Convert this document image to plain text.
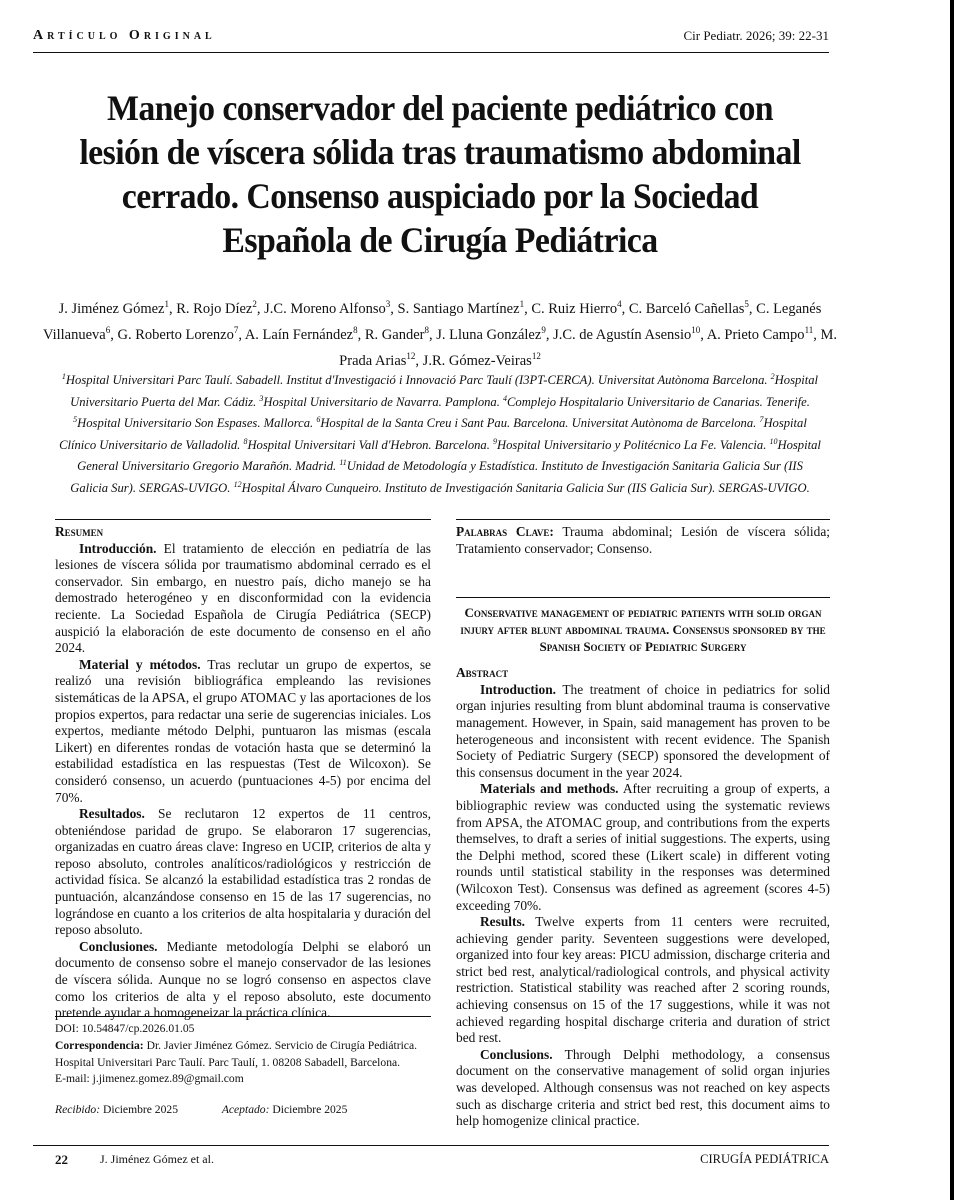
Artículo Original	Cir Pediatr. 2026; 39: 22-31
Manejo conservador del paciente pediátrico con lesión de víscera sólida tras traumatismo abdominal cerrado. Consenso auspiciado por la Sociedad Española de Cirugía Pediátrica
J. Jiménez Gómez$^1$, R. Rojo Díez$^2$, J.C. Moreno Alfonso$^3$, S. Santiago Martínez$^1$, C. Ruiz Hierro$^4$, C. Barceló Cañellas$^5$, C. Leganés Villanueva$^6$, G. Roberto Lorenzo$^7$, A. Laín Fernández$^8$, R. Gander$^8$, J. Lluna González$^9$, J.C. de Agustín Asensio$^{10}$, A. Prieto Campo$^{11}$, M. Prada Arias$^{12}$, J.R. Gómez-Veiras$^{12}$
$^1$Hospital Universitari Parc Taulí. Sabadell. Institut d'Investigació i Innovació Parc Taulí (I3PT-CERCA). Universitat Autònoma Barcelona. $^2$Hospital Universitario Puerta del Mar. Cádiz. $^3$Hospital Universitario de Navarra. Pamplona. $^4$Complejo Hospitalario Universitario de Canarias. Tenerife. $^5$Hospital Universitario Son Espases. Mallorca. $^6$Hospital de la Santa Creu i Sant Pau. Barcelona. Universitat Autònoma de Barcelona. $^7$Hospital Clínico Universitario de Valladolid. $^8$Hospital Universitari Vall d'Hebron. Barcelona. $^9$Hospital Universitario y Politécnico La Fe. Valencia. $^{10}$Hospital General Universitario Gregorio Marañón. Madrid. $^{11}$Unidad de Metodología y Estadística. Instituto de Investigación Sanitaria Galicia Sur (IIS Galicia Sur). SERGAS-UVIGO. $^{12}$Hospital Álvaro Cunqueiro. Instituto de Investigación Sanitaria Galicia Sur (IIS Galicia Sur). SERGAS-UVIGO.
Resumen

Introducción. El tratamiento de elección en pediatría de las lesiones de víscera sólida por traumatismo abdominal cerrado es el conservador. Sin embargo, en nuestro país, dicho manejo se ha demostrado heterogéneo y en disconformidad con la evidencia reciente. La Sociedad Española de Cirugía Pediátrica (SECP) auspició la elaboración de este documento de consenso en el año 2024.

Material y métodos. Tras reclutar un grupo de expertos, se realizó una revisión bibliográfica empleando las revisiones sistemáticas de la APSA, el grupo ATOMAC y las aportaciones de los propios expertos, para redactar una serie de sugerencias iniciales. Los expertos, mediante método Delphi, puntuaron las mismas (escala Likert) en diferentes rondas de votación hasta que se determinó la estabilidad estadística en las respuestas (Test de Wilcoxon). Se consideró consenso, un acuerdo (puntuaciones 4-5) por encima del 70%.

Resultados. Se reclutaron 12 expertos de 11 centros, obteniéndose paridad de grupo. Se elaboraron 17 sugerencias, organizadas en cuatro áreas clave: Ingreso en UCIP, criterios de alta y reposo absoluto, controles analíticos/radiológicos y restricción de actividad física. Se alcanzó la estabilidad estadística tras 2 rondas de puntuación, alcanzándose consenso en 15 de las 17 sugerencias, no lográndose en cuanto a los criterios de alta hospitalaria y duración del reposo absoluto.

Conclusiones. Mediante metodología Delphi se elaboró un documento de consenso sobre el manejo conservador de las lesiones de víscera sólida. Aunque no se logró consenso en aspectos clave como los criterios de alta y el reposo absoluto, este documento pretende ayudar a homogeneizar la práctica clínica.

Palabras Clave: Trauma abdominal; Lesión de víscera sólida; Tratamiento conservador; Consenso.

Conservative management of pediatric patients with solid organ injury after blunt abdominal trauma. Consensus sponsored by the Spanish Society of Pediatric Surgery
Abstract

Introduction. The treatment of choice in pediatrics for solid organ injuries resulting from blunt abdominal trauma is conservative management. However, in Spain, said management has proven to be heterogeneous and inconsistent with recent evidence. The Spanish Society of Pediatric Surgery (SECP) sponsored the development of this consensus document in the year 2024.

Materials and methods. After recruiting a group of experts, a bibliographic review was conducted using the systematic reviews from APSA, the ATOMAC group, and contributions from the experts themselves, to draft a series of initial suggestions. The experts, using the Delphi method, scored these (Likert scale) in different voting rounds until statistical stability in the responses was determined (Wilcoxon Test). Consensus was defined as agreement (scores 4-5) exceeding 70%.

Results. Twelve experts from 11 centers were recruited, achieving gender parity. Seventeen suggestions were developed, organized into four key areas: PICU admission, discharge criteria and strict bed rest, analytical/radiological controls, and physical activity restriction. Statistical stability was reached after 2 scoring rounds, achieving consensus on 15 of the 17 suggestions, while it was not achieved regarding hospital discharge criteria and duration of strict bed rest.

Conclusions. Through Delphi methodology, a consensus document on the conservative management of solid organ injuries was developed. Although consensus was not reached on key aspects such as discharge criteria and strict bed rest, this document aims to help homogenize clinical practice.

DOI: 10.54847/cp.2026.01.05

Correspondencia: Dr. Javier Jiménez Gómez. Servicio de Cirugía Pediátrica. Hospital Universitari Parc Taulí. Parc Taulí, 1. 08208 Sabadell, Barcelona.

E-mail: j.jimenez.gomez.89@gmail.com

Recibido: Diciembre 2025	Aceptado: Diciembre 2025
22	J. Jiménez Gómez et al.	CIRUGÍA PEDIÁTRICA
